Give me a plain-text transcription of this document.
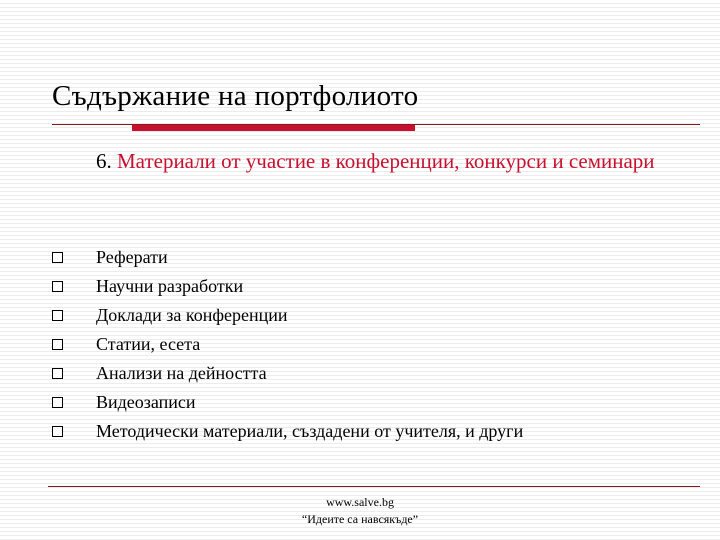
Съдържание на портфолиото
6. Материали от участие в конференции, конкурси и семинари
Реферати
Научни разработки
Доклади за конференции
Статии, есета
Анализи на дейността
Видеозаписи
Методически материали, създадени от учителя, и други
www.salve.bg
“Идеите са навсякъде”
